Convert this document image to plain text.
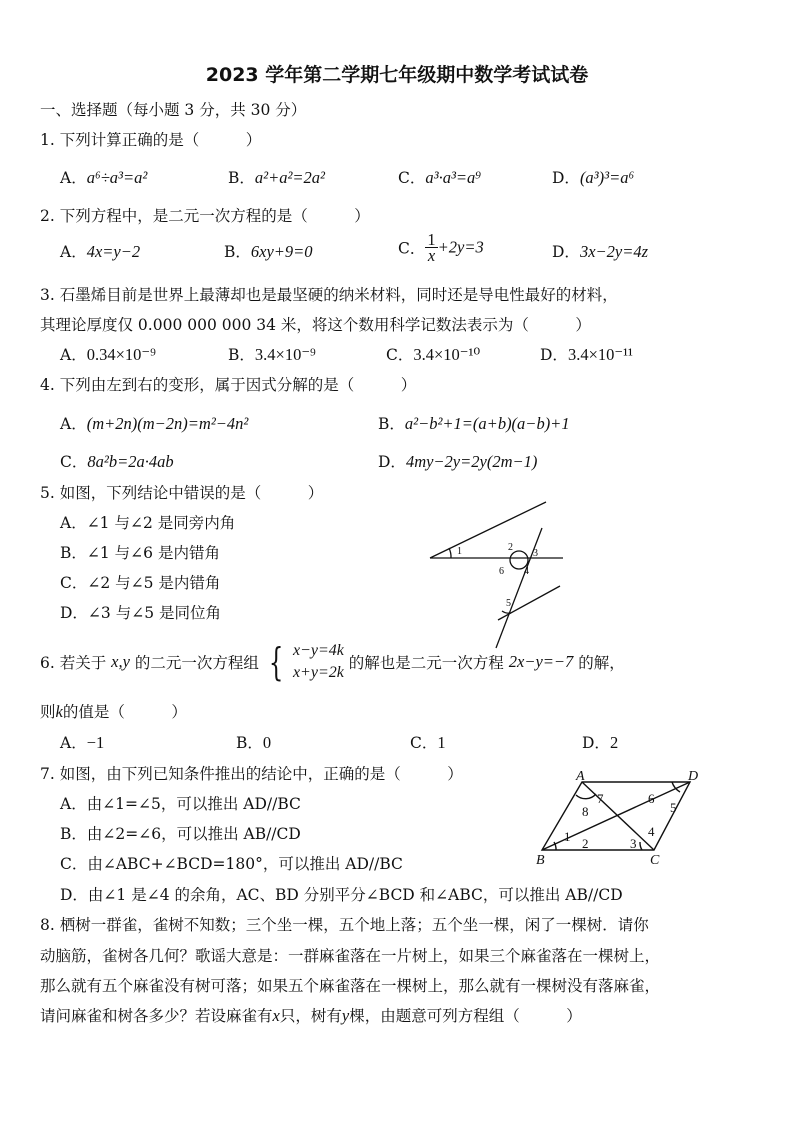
2023 学年第二学期七年级期中数学考试试卷
一、选择题（每小题 3 分，共 30 分）
1. 下列计算正确的是（　　　）
A．a⁶÷a³=a²	B．a²+a²=2a²	C．a³·a³=a⁹	D．(a³)³=a⁶
2. 下列方程中，是二元一次方程的是（　　　）
A．4x=y−2	B．6xy+9=0	C． $\frac{1}{x} +2y=3$	D．3x−2y=4z
3. 石墨烯目前是世界上最薄却也是最坚硬的纳米材料，同时还是导电性最好的材料，
其理论厚度仅 0.000 000 000 34 米，将这个数用科学记数法表示为（　　　）
A．0.34×10⁻⁹	B．3.4×10⁻⁹	C．3.4×10⁻¹⁰	D．3.4×10⁻¹¹
4. 下列由左到右的变形，属于因式分解的是（　　　）
A．(m+2n)(m−2n)=m²−4n²	B．a²−b²+1=(a+b)(a−b)+1
C．8a²b=2a·4ab	D．4my−2y=2y(2m−1)
5. 如图，下列结论中错误的是（　　　）
A．∠1 与∠2 是同旁内角
B．∠1 与∠6 是内错角
C．∠2 与∠5 是内错角
D．∠3 与∠5 是同位角
1	2
3
4
5
6
6. 若关于 x,y 的二元一次方程组 { x−y=4k
x+y=2k
的解也是二元一次方程 2x−y=−7 的解，
则k的值是（　　　）
A．−1	B．0	C．1	D．2
7. 如图，由下列已知条件推出的结论中，正确的是（　　　）
A．由∠1=∠5，可以推出 AD//BC
B．由∠2=∠6，可以推出 AB//CD
C．由∠ABC+∠BCD=180°，可以推出 AD//BC
D．由∠1 是∠4 的余角，AC、BD 分别平分∠BCD 和∠ABC，可以推出 AB//CD
A	D
B	C
1 2	3
4
5
6
7
8
8. 栖树一群雀，雀树不知数；三个坐一棵，五个地上落；五个坐一棵，闲了一棵树．请你
动脑筋，雀树各几何？歌谣大意是：一群麻雀落在一片树上，如果三个麻雀落在一棵树上，
那么就有五个麻雀没有树可落；如果五个麻雀落在一棵树上，那么就有一棵树没有落麻雀，
请问麻雀和树各多少？若设麻雀有x只，树有y棵，由题意可列方程组（　　　）
